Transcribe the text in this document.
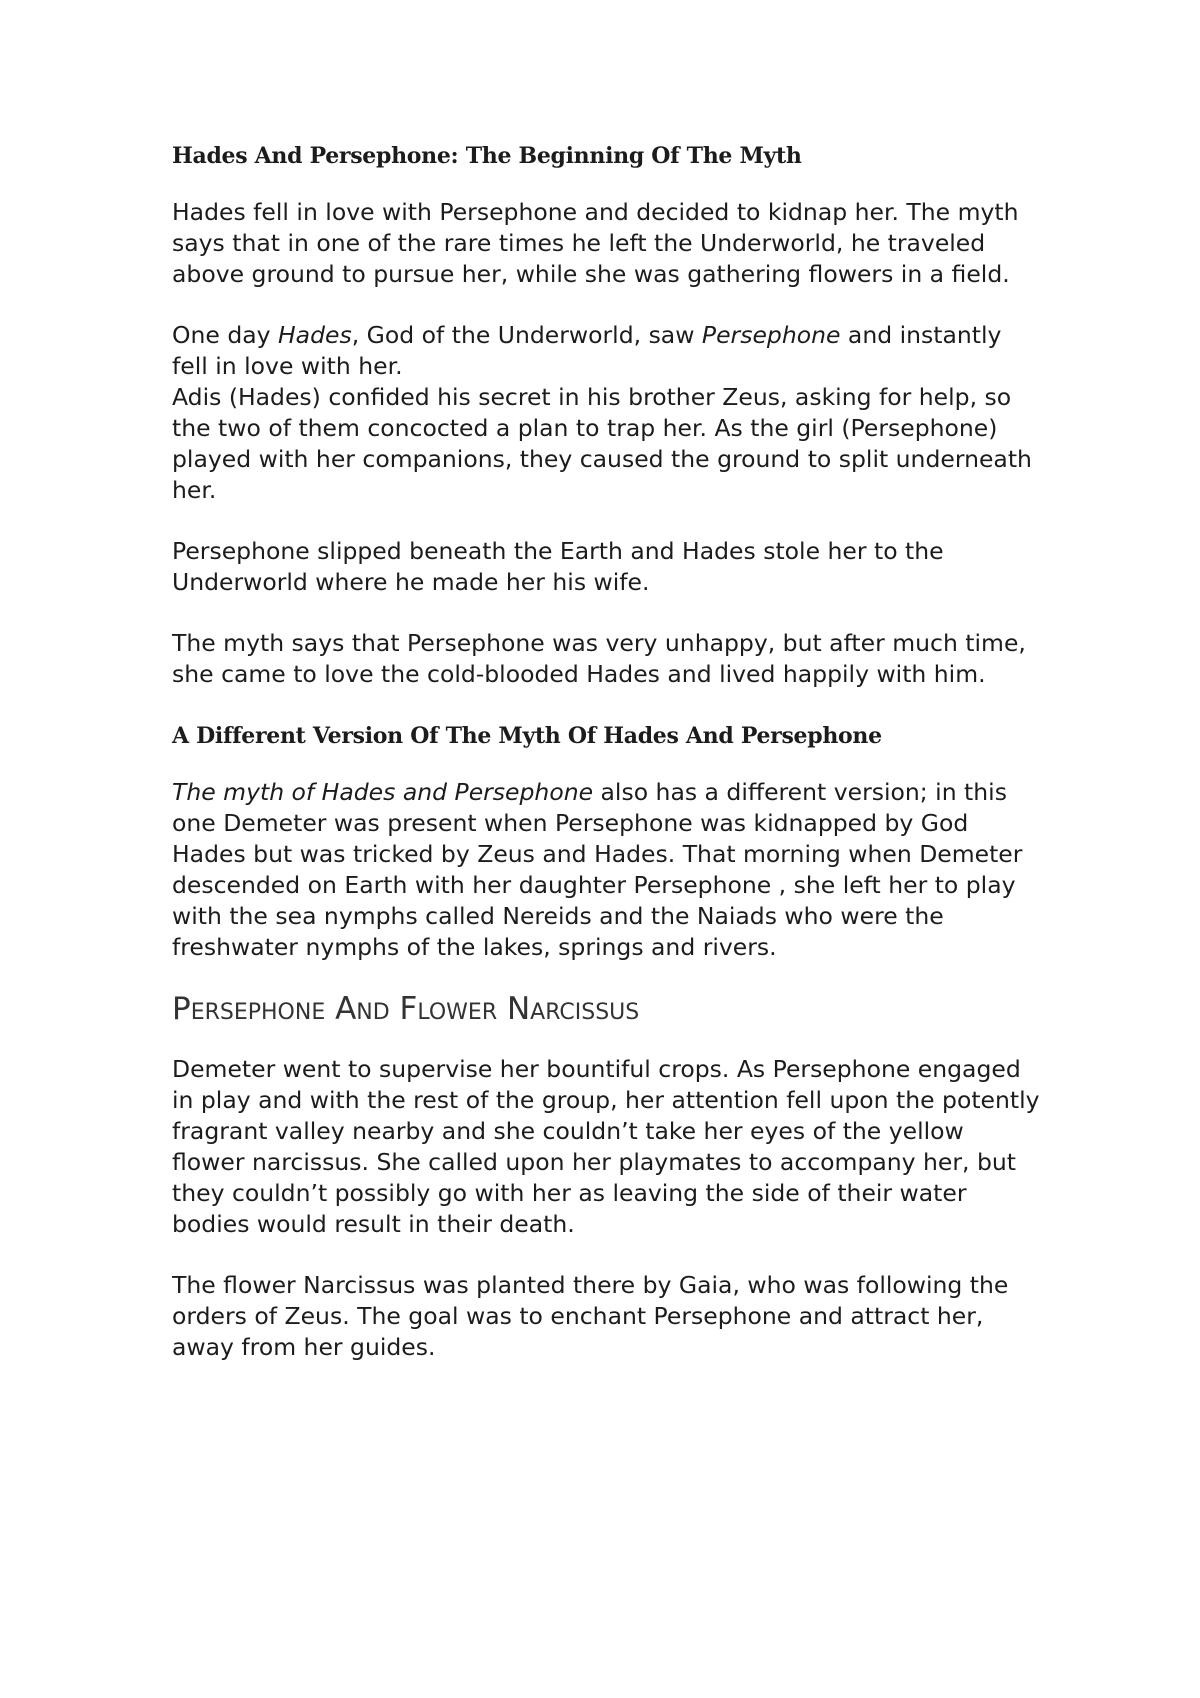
Hades And Persephone: The Beginning Of The Myth

Hades fell in love with Persephone and decided to kidnap her. The myth says that in one of the rare times he left the Underworld, he traveled above ground to pursue her, while she was gathering flowers in a field.

One day Hades, God of the Underworld, saw Persephone and instantly fell in love with her.

Adis (Hades) confided his secret in his brother Zeus, asking for help, so the two of them concocted a plan to trap her. As the girl (Persephone) played with her companions, they caused the ground to split underneath her.

Persephone slipped beneath the Earth and Hades stole her to the Underworld where he made her his wife.

The myth says that Persephone was very unhappy, but after much time, she came to love the cold-blooded Hades and lived happily with him.

A Different Version Of The Myth Of Hades And Persephone

The myth of Hades and Persephone also has a different version; in this one Demeter was present when Persephone was kidnapped by God Hades but was tricked by Zeus and Hades. That morning when Demeter descended on Earth with her daughter Persephone , she left her to play with the sea nymphs called Nereids and the Naiads who were the freshwater nymphs of the lakes, springs and rivers.

Persephone And Flower Narcissus

Demeter went to supervise her bountiful crops. As Persephone engaged in play and with the rest of the group, her attention fell upon the potently fragrant valley nearby and she couldn’t take her eyes of the yellow flower narcissus. She called upon her playmates to accompany her, but they couldn’t possibly go with her as leaving the side of their water bodies would result in their death.

The flower Narcissus was planted there by Gaia, who was following the orders of Zeus. The goal was to enchant Persephone and attract her, away from her guides.
